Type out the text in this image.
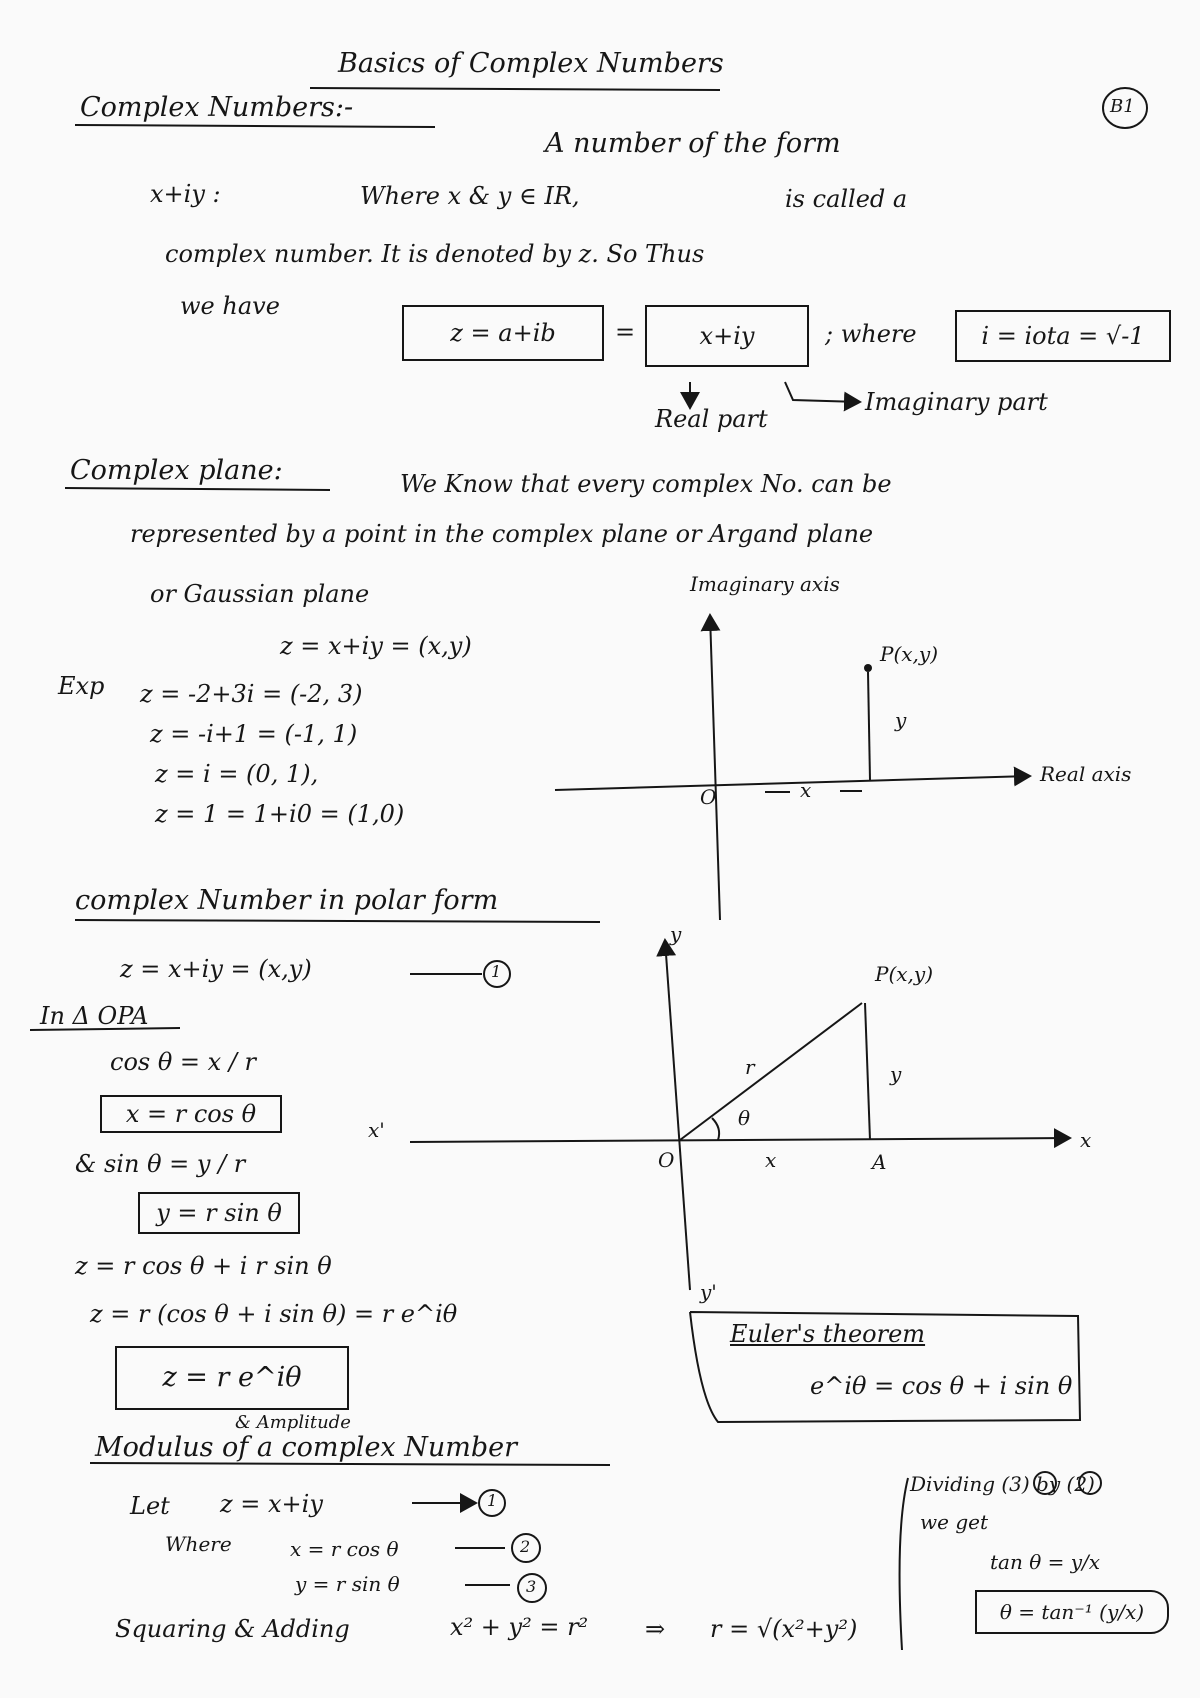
Basics of Complex Numbers
B1
Complex Numbers:-
A number of the form
x+iy :	Where x & y ∈ IR,	is called a
complex number. It is denoted by z. So Thus
we have
z = a+ib	=	x+iy	; where	i = iota = √-1
Real part
Imaginary part
Complex plane:	We Know that every complex No. can be
represented by a point in the complex plane or Argand plane
or Gaussian plane	Imaginary axis
P(x,y)
y
x
O
Real axis
z = x+iy = (x,y)
Exp z = -2+3i = (-2, 3)
z = -i+1 = (-1, 1)
z = i = (0, 1),
z = 1 = 1+i0 = (1,0)
complex Number in polar form
z = x+iy = (x,y)	1
In Δ OPA
cos θ = x / r
x = r cos θ
& sin θ = y / r
y = r sin θ
z = r cos θ + i r sin θ
z = r (cos θ + i sin θ) = r e^iθ
z = r e^iθ
y
P(x,y)
r	y
θ
O	x	A
x'	x
y'
Euler's theorem
e^iθ = cos θ + i sin θ
& Amplitude
Modulus of a complex Number
Let z = x+iy	1
Where	x = r cos θ	2
y = r sin θ	3
Squaring & Adding	x² + y² = r² ⇒ r = √(x²+y²)
Dividing (3) by (2)
we get
tan θ = y/x
θ = tan⁻¹ (y/x)
